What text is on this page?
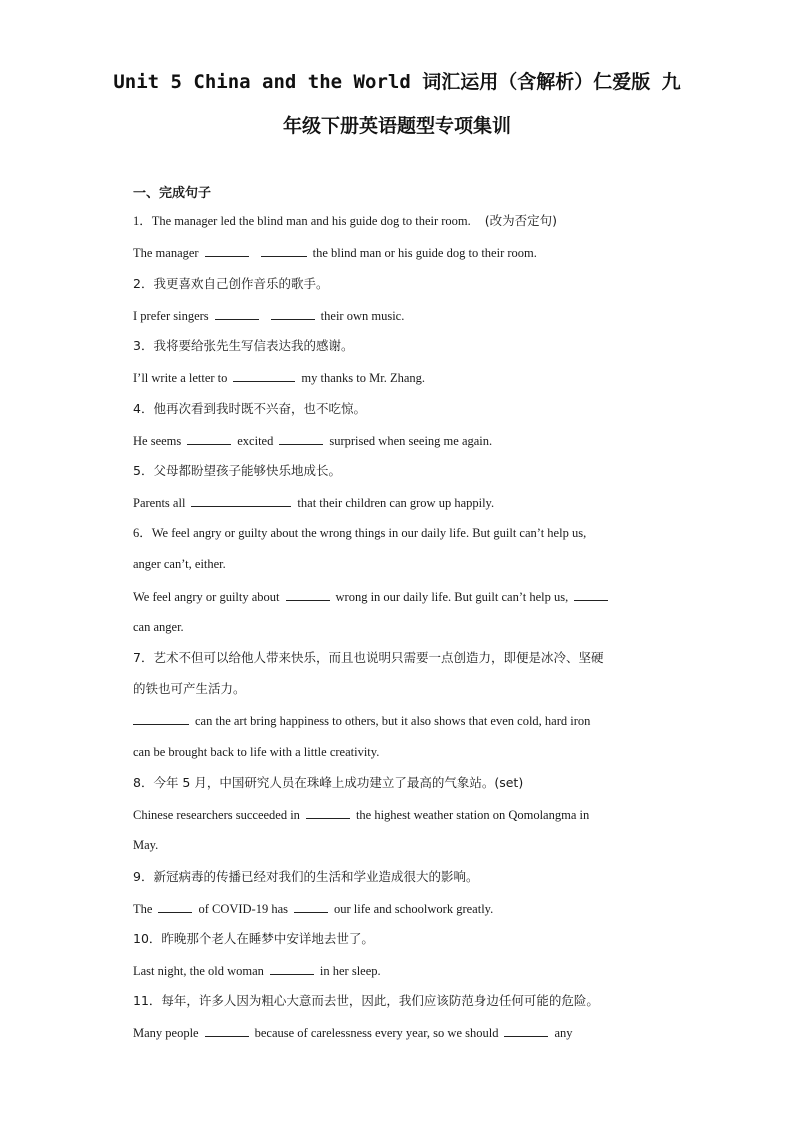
Unit 5 China and the World 词汇运用（含解析）仁爱版 九
年级下册英语题型专项集训
一、完成句子
1．The manager led the blind man and his guide dog to their room. (改为否定句)
The manager	the blind man or his guide dog to their room.
2．我更喜欢自己创作音乐的歌手。
I prefer singers	their own music.
3．我将要给张先生写信表达我的感谢。
I’ll write a letter to	my thanks to Mr. Zhang.
4．他再次看到我时既不兴奋，也不吃惊。
He seems	excited	surprised when seeing me again.
5．父母都盼望孩子能够快乐地成长。
Parents all	that their children can grow up happily.
6．We feel angry or guilty about the wrong things in our daily life. But guilt can’t help us,
anger can’t, either.
We feel angry or guilty about	wrong in our daily life. But guilt can’t help us,
can anger.
7．艺术不但可以给他人带来快乐，而且也说明只需要一点创造力，即便是冰冷、坚硬
的铁也可产生活力。
can the art bring happiness to others, but it also shows that even cold, hard iron
can be brought back to life with a little creativity.
8．今年 5 月，中国研究人员在珠峰上成功建立了最高的气象站。(set)
Chinese researchers succeeded in	the highest weather station on Qomolangma in
May.
9．新冠病毒的传播已经对我们的生活和学业造成很大的影响。
The	of COVID-19 has	our life and schoolwork greatly.
10．昨晚那个老人在睡梦中安详地去世了。
Last night, the old woman	in her sleep.
11．每年，许多人因为粗心大意而去世，因此，我们应该防范身边任何可能的危险。
Many people	because of carelessness every year, so we should	any
